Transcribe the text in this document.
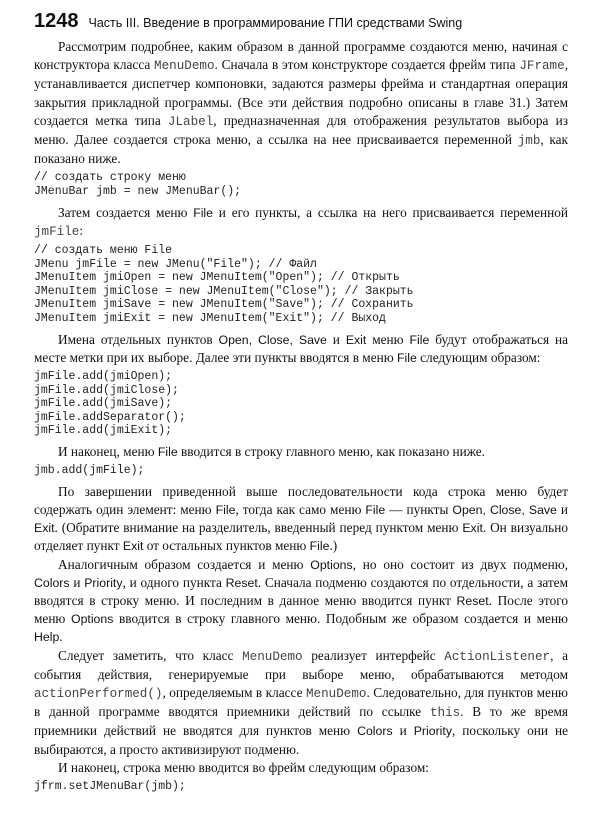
1248 Часть III. Введение в программирование ГПИ средствами Swing

Рассмотрим подробнее, каким образом в данной программе создаются меню, начиная с конструктора класса MenuDemo. Сначала в этом конструкторе создается фрейм типа JFrame, устанавливается диспетчер компоновки, задаются размеры фрейма и стандартная операция закрытия прикладной программы. (Все эти действия подробно описаны в главе 31.) Затем создается метка типа JLabel, предназначенная для отображения результатов выбора из меню. Далее создается строка меню, а ссылка на нее присваивается переменной jmb, как показано ниже.

// создать строку меню
JMenuBar jmb = new JMenuBar();

Затем создается меню File и его пункты, а ссылка на него присваивается переменной jmFile:

// создать меню File
JMenu jmFile = new JMenu("File"); // Файл
JMenuItem jmiOpen = new JMenuItem("Open"); // Открыть
JMenuItem jmiClose = new JMenuItem("Close"); // Закрыть
JMenuItem jmiSave = new JMenuItem("Save"); // Сохранить
JMenuItem jmiExit = new JMenuItem("Exit"); // Выход

Имена отдельных пунктов Open, Close, Save и Exit меню File будут отображаться на месте метки при их выборе. Далее эти пункты вводятся в меню File следующим образом:

jmFile.add(jmiOpen);
jmFile.add(jmiClose);
jmFile.add(jmiSave);
jmFile.addSeparator();
jmFile.add(jmiExit);

И наконец, меню File вводится в строку главного меню, как показано ниже.

jmb.add(jmFile);

По завершении приведенной выше последовательности кода строка меню будет содержать один элемент: меню File, тогда как само меню File — пункты Open, Close, Save и Exit. (Обратите внимание на разделитель, введенный перед пунктом меню Exit. Он визуально отделяет пункт Exit от остальных пунктов меню File.)

Аналогичным образом создается и меню Options, но оно состоит из двух подменю, Colors и Priority, и одного пункта Reset. Сначала подменю создаются по отдельности, а затем вводятся в строку меню. И последним в данное меню вводится пункт Reset. После этого меню Options вводится в строку главного меню. Подобным же образом создается и меню Help.

Следует заметить, что класс MenuDemo реализует интерфейс ActionListener, а события действия, генерируемые при выборе меню, обрабатываются методом actionPerformed(), определяемым в классе MenuDemo. Следовательно, для пунктов меню в данной программе вводятся приемники действий по ссылке this. В то же время приемники действий не вводятся для пунктов меню Colors и Priority, поскольку они не выбираются, а просто активизируют подменю.

И наконец, строка меню вводится во фрейм следующим образом:

jfrm.setJMenuBar(jmb);
